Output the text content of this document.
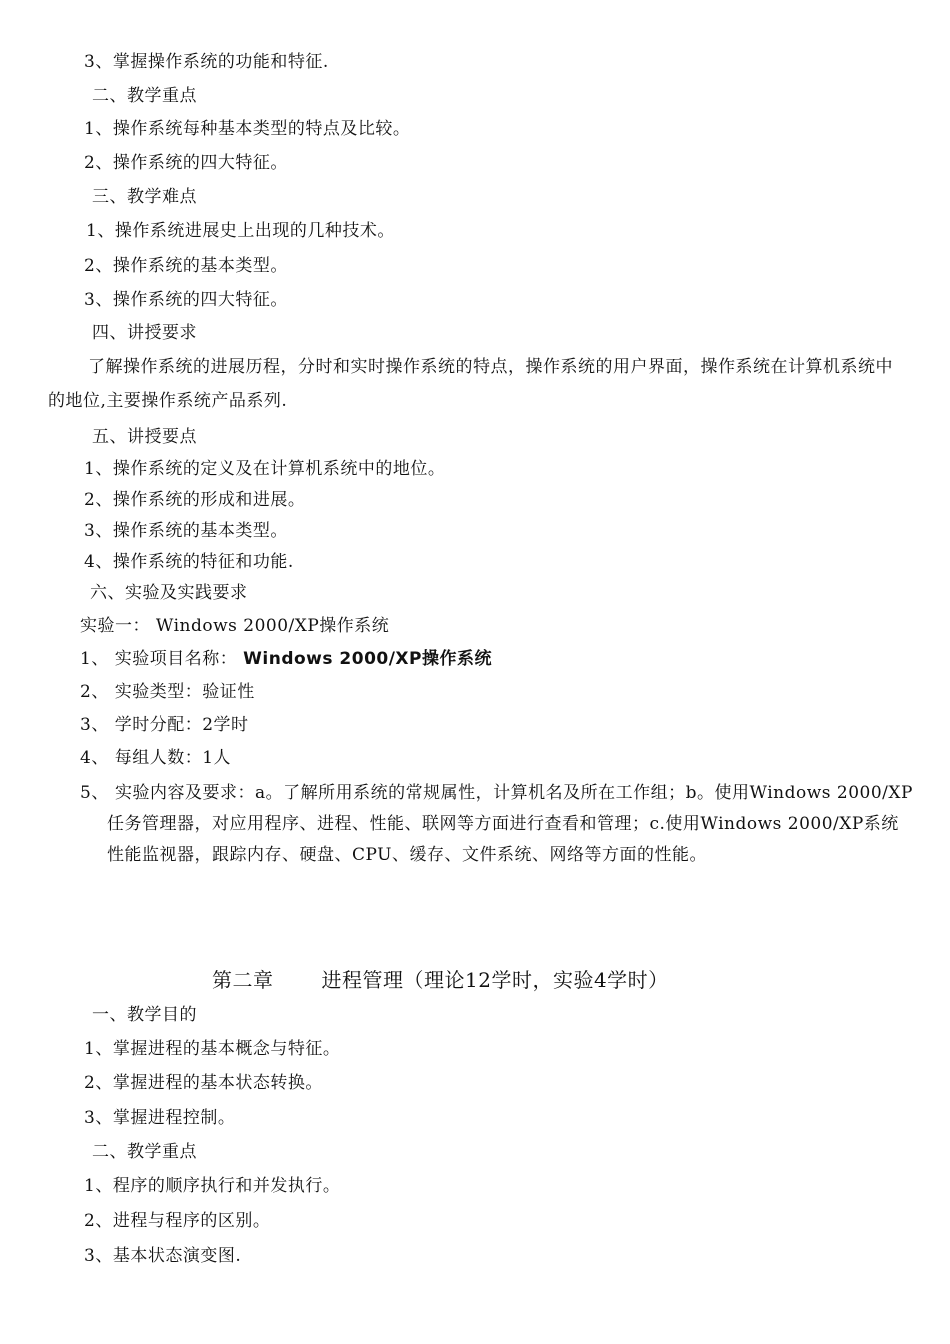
3、掌握操作系统的功能和特征.
二、教学重点
1、操作系统每种基本类型的特点及比较。
2、操作系统的四大特征。
三、教学难点
1、操作系统进展史上出现的几种技术。
2、操作系统的基本类型。
3、操作系统的四大特征。
四、讲授要求
了解操作系统的进展历程，分时和实时操作系统的特点，操作系统的用户界面，操作系统在计算机系统中的地位,主要操作系统产品系列.
五、讲授要点
1、操作系统的定义及在计算机系统中的地位。
2、操作系统的形成和进展。
3、操作系统的基本类型。
4、操作系统的特征和功能.
六、实验及实践要求
实验一： Windows 2000/XP操作系统
1、 实验项目名称： Windows 2000/XP操作系统
2、 实验类型：验证性
3、 学时分配：2学时
4、 每组人数：1人
5、 实验内容及要求：a。了解所用系统的常规属性，计算机名及所在工作组；b。使用Windows 2000/XP任务管理器，对应用程序、进程、性能、联网等方面进行查看和管理；c.使用Windows 2000/XP系统性能监视器，跟踪内存、硬盘、CPU、缓存、文件系统、网络等方面的性能。
第二章 进程管理（理论12学时，实验4学时）
一、教学目的
1、掌握进程的基本概念与特征。
2、掌握进程的基本状态转换。
3、掌握进程控制。
二、教学重点
1、程序的顺序执行和并发执行。
2、进程与程序的区别。
3、基本状态演变图.
